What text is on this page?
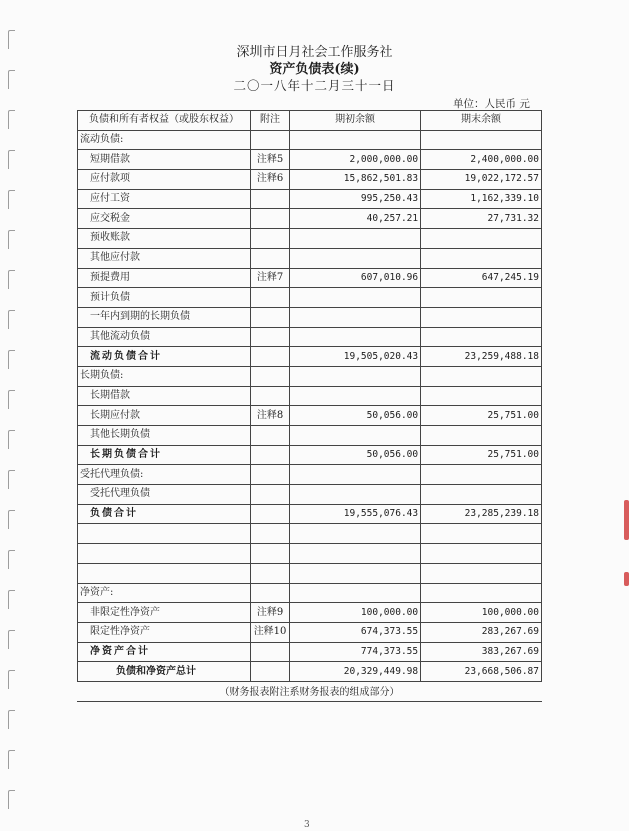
深圳市日月社会工作服务社
资产负债表(续)
二〇一八年十二月三十一日
单位：人民币 元
负债和所有者权益（或股东权益）	附注	期初余额	期末余额
流动负债:			
短期借款	注释5	2,000,000.00	2,400,000.00
应付款项	注释6	15,862,501.83	19,022,172.57
应付工资		995,250.43	1,162,339.10
应交税金		40,257.21	27,731.32
预收账款			
其他应付款			
预提费用	注释7	607,010.96	647,245.19
预计负债			
一年内到期的长期负债			
其他流动负债			
流动负债合计		19,505,020.43	23,259,488.18
长期负债:			
长期借款			
长期应付款	注释8	50,056.00	25,751.00
其他长期负债			
长期负债合计		50,056.00	25,751.00
受托代理负债:			
受托代理负债			
负债合计		19,555,076.43	23,285,239.18

净资产:			
非限定性净资产	注释9	100,000.00	100,000.00
限定性净资产	注释10	674,373.55	283,267.69
净资产合计		774,373.55	383,267.69
负债和净资产总计		20,329,449.98	23,668,506.87
（财务报表附注系财务报表的组成部分）
3
